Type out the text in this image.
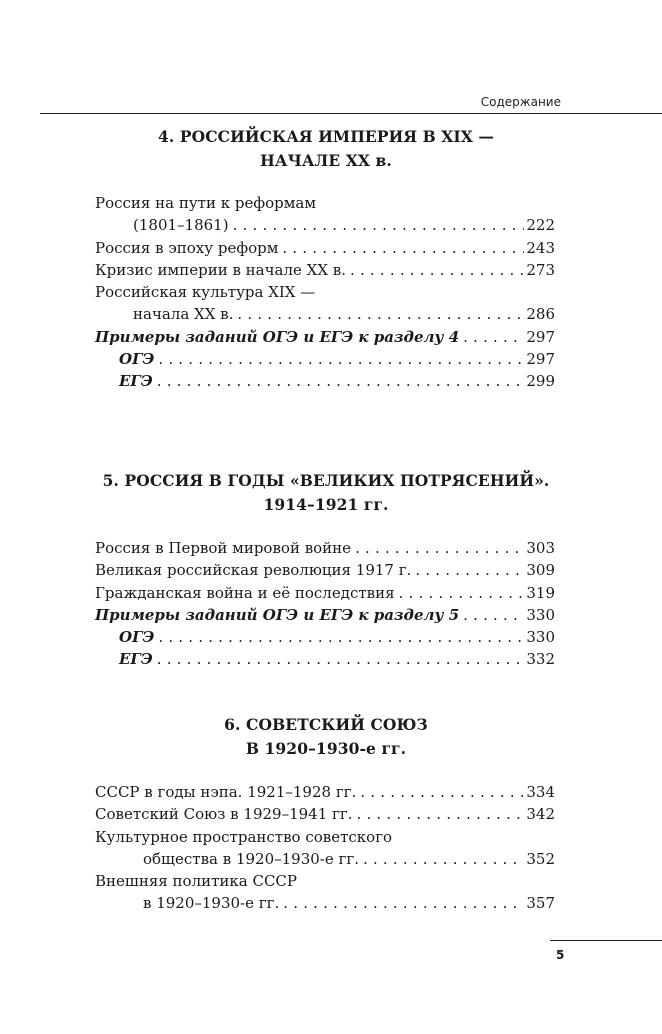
Содержание
4. РОССИЙСКАЯ ИМПЕРИЯ В XIX —
НАЧАЛЕ XX в.
Россия на пути к реформам
(1801–1861) .....	222
Россия в эпоху реформ .....	243
Кризис империи в начале XX в. .....	273
Российская культура XIX —
начала XX в. .....	286
Примеры заданий ОГЭ и ЕГЭ к разделу 4 .....	297
ОГЭ .....	297
ЕГЭ .....	299
5. РОССИЯ В ГОДЫ «ВЕЛИКИХ ПОТРЯСЕНИЙ».
1914–1921 гг.
Россия в Первой мировой войне .....	303
Великая российская революция 1917 г. .....	309
Гражданская война и её последствия .....	319
Примеры заданий ОГЭ и ЕГЭ к разделу 5 .....	330
ОГЭ .....	330
ЕГЭ .....	332
6. СОВЕТСКИЙ СОЮЗ
В 1920–1930-е гг.
СССР в годы нэпа. 1921–1928 гг. .....	334
Советский Союз в 1929–1941 гг. .....	342
Культурное пространство советского
общества в 1920–1930-е гг. .....	352
Внешняя политика СССР
в 1920–1930-е гг. .....	357
5
